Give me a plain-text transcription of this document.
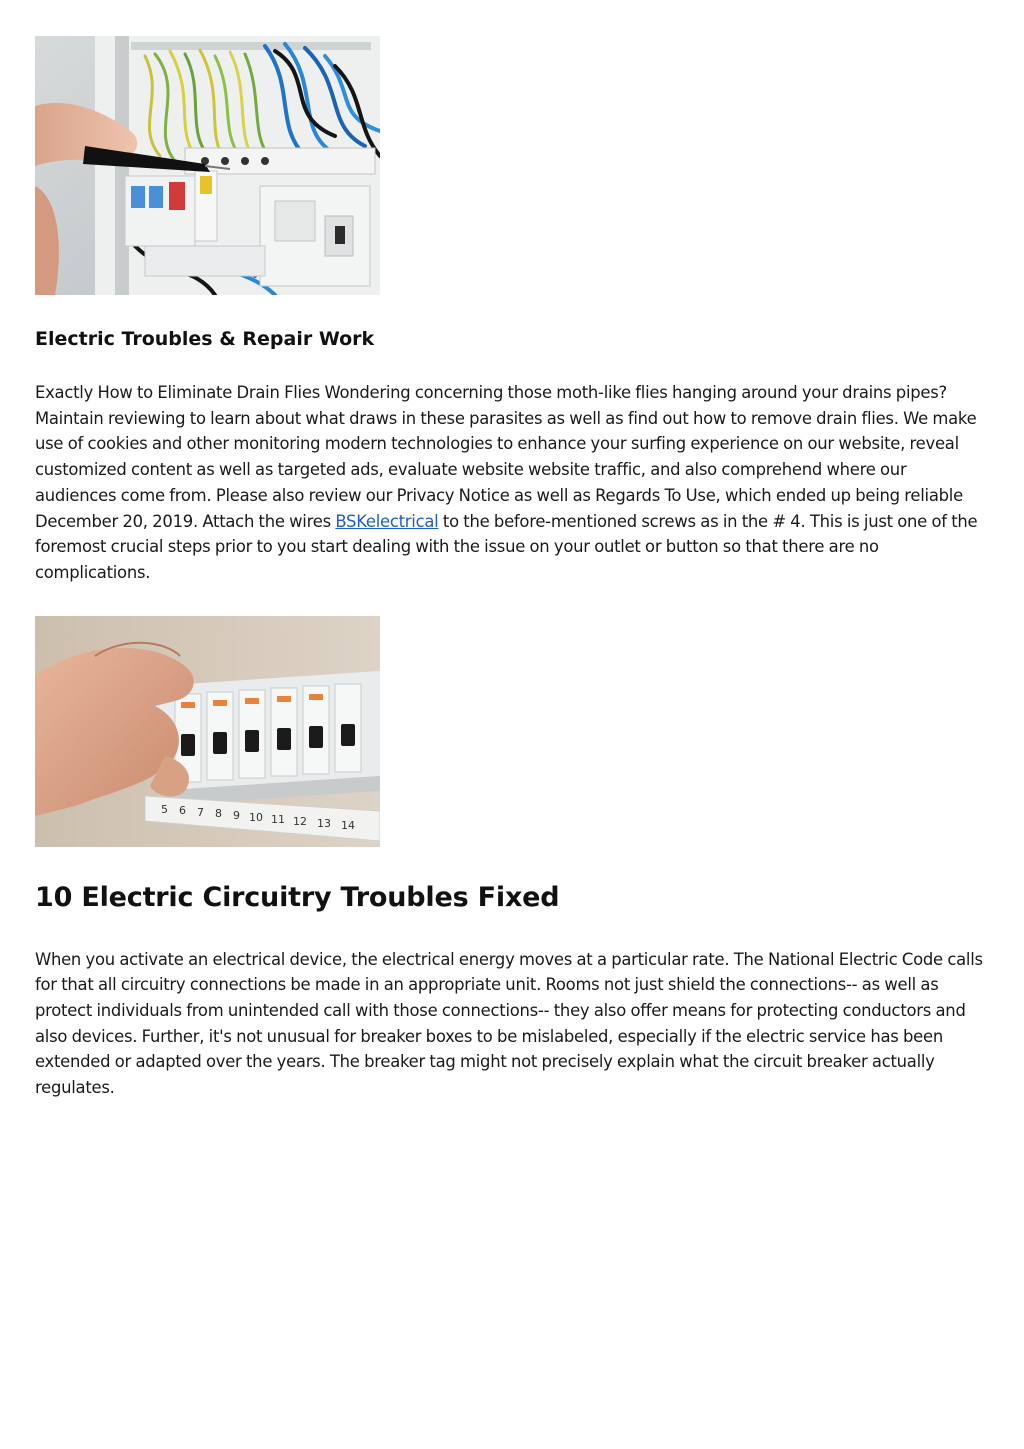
Electric Troubles & Repair Work

Exactly How to Eliminate Drain Flies Wondering concerning those moth-like flies hanging around your drains pipes? Maintain reviewing to learn about what draws in these parasites as well as find out how to remove drain flies. We make use of cookies and other monitoring modern technologies to enhance your surfing experience on our website, reveal customized content as well as targeted ads, evaluate website website traffic, and also comprehend where our audiences come from. Please also review our Privacy Notice as well as Regards To Use, which ended up being reliable December 20, 2019. Attach the wires BSKelectrical to the before-mentioned screws as in the # 4. This is just one of the foremost crucial steps prior to you start dealing with the issue on your outlet or button so that there are no complications.

5 6 7 8 9 10 11 12 13 14
10 Electric Circuitry Troubles Fixed

When you activate an electrical device, the electrical energy moves at a particular rate. The National Electric Code calls for that all circuitry connections be made in an appropriate unit. Rooms not just shield the connections-- as well as protect individuals from unintended call with those connections-- they also offer means for protecting conductors and also devices. Further, it's not unusual for breaker boxes to be mislabeled, especially if the electric service has been extended or adapted over the years. The breaker tag might not precisely explain what the circuit breaker actually regulates.
